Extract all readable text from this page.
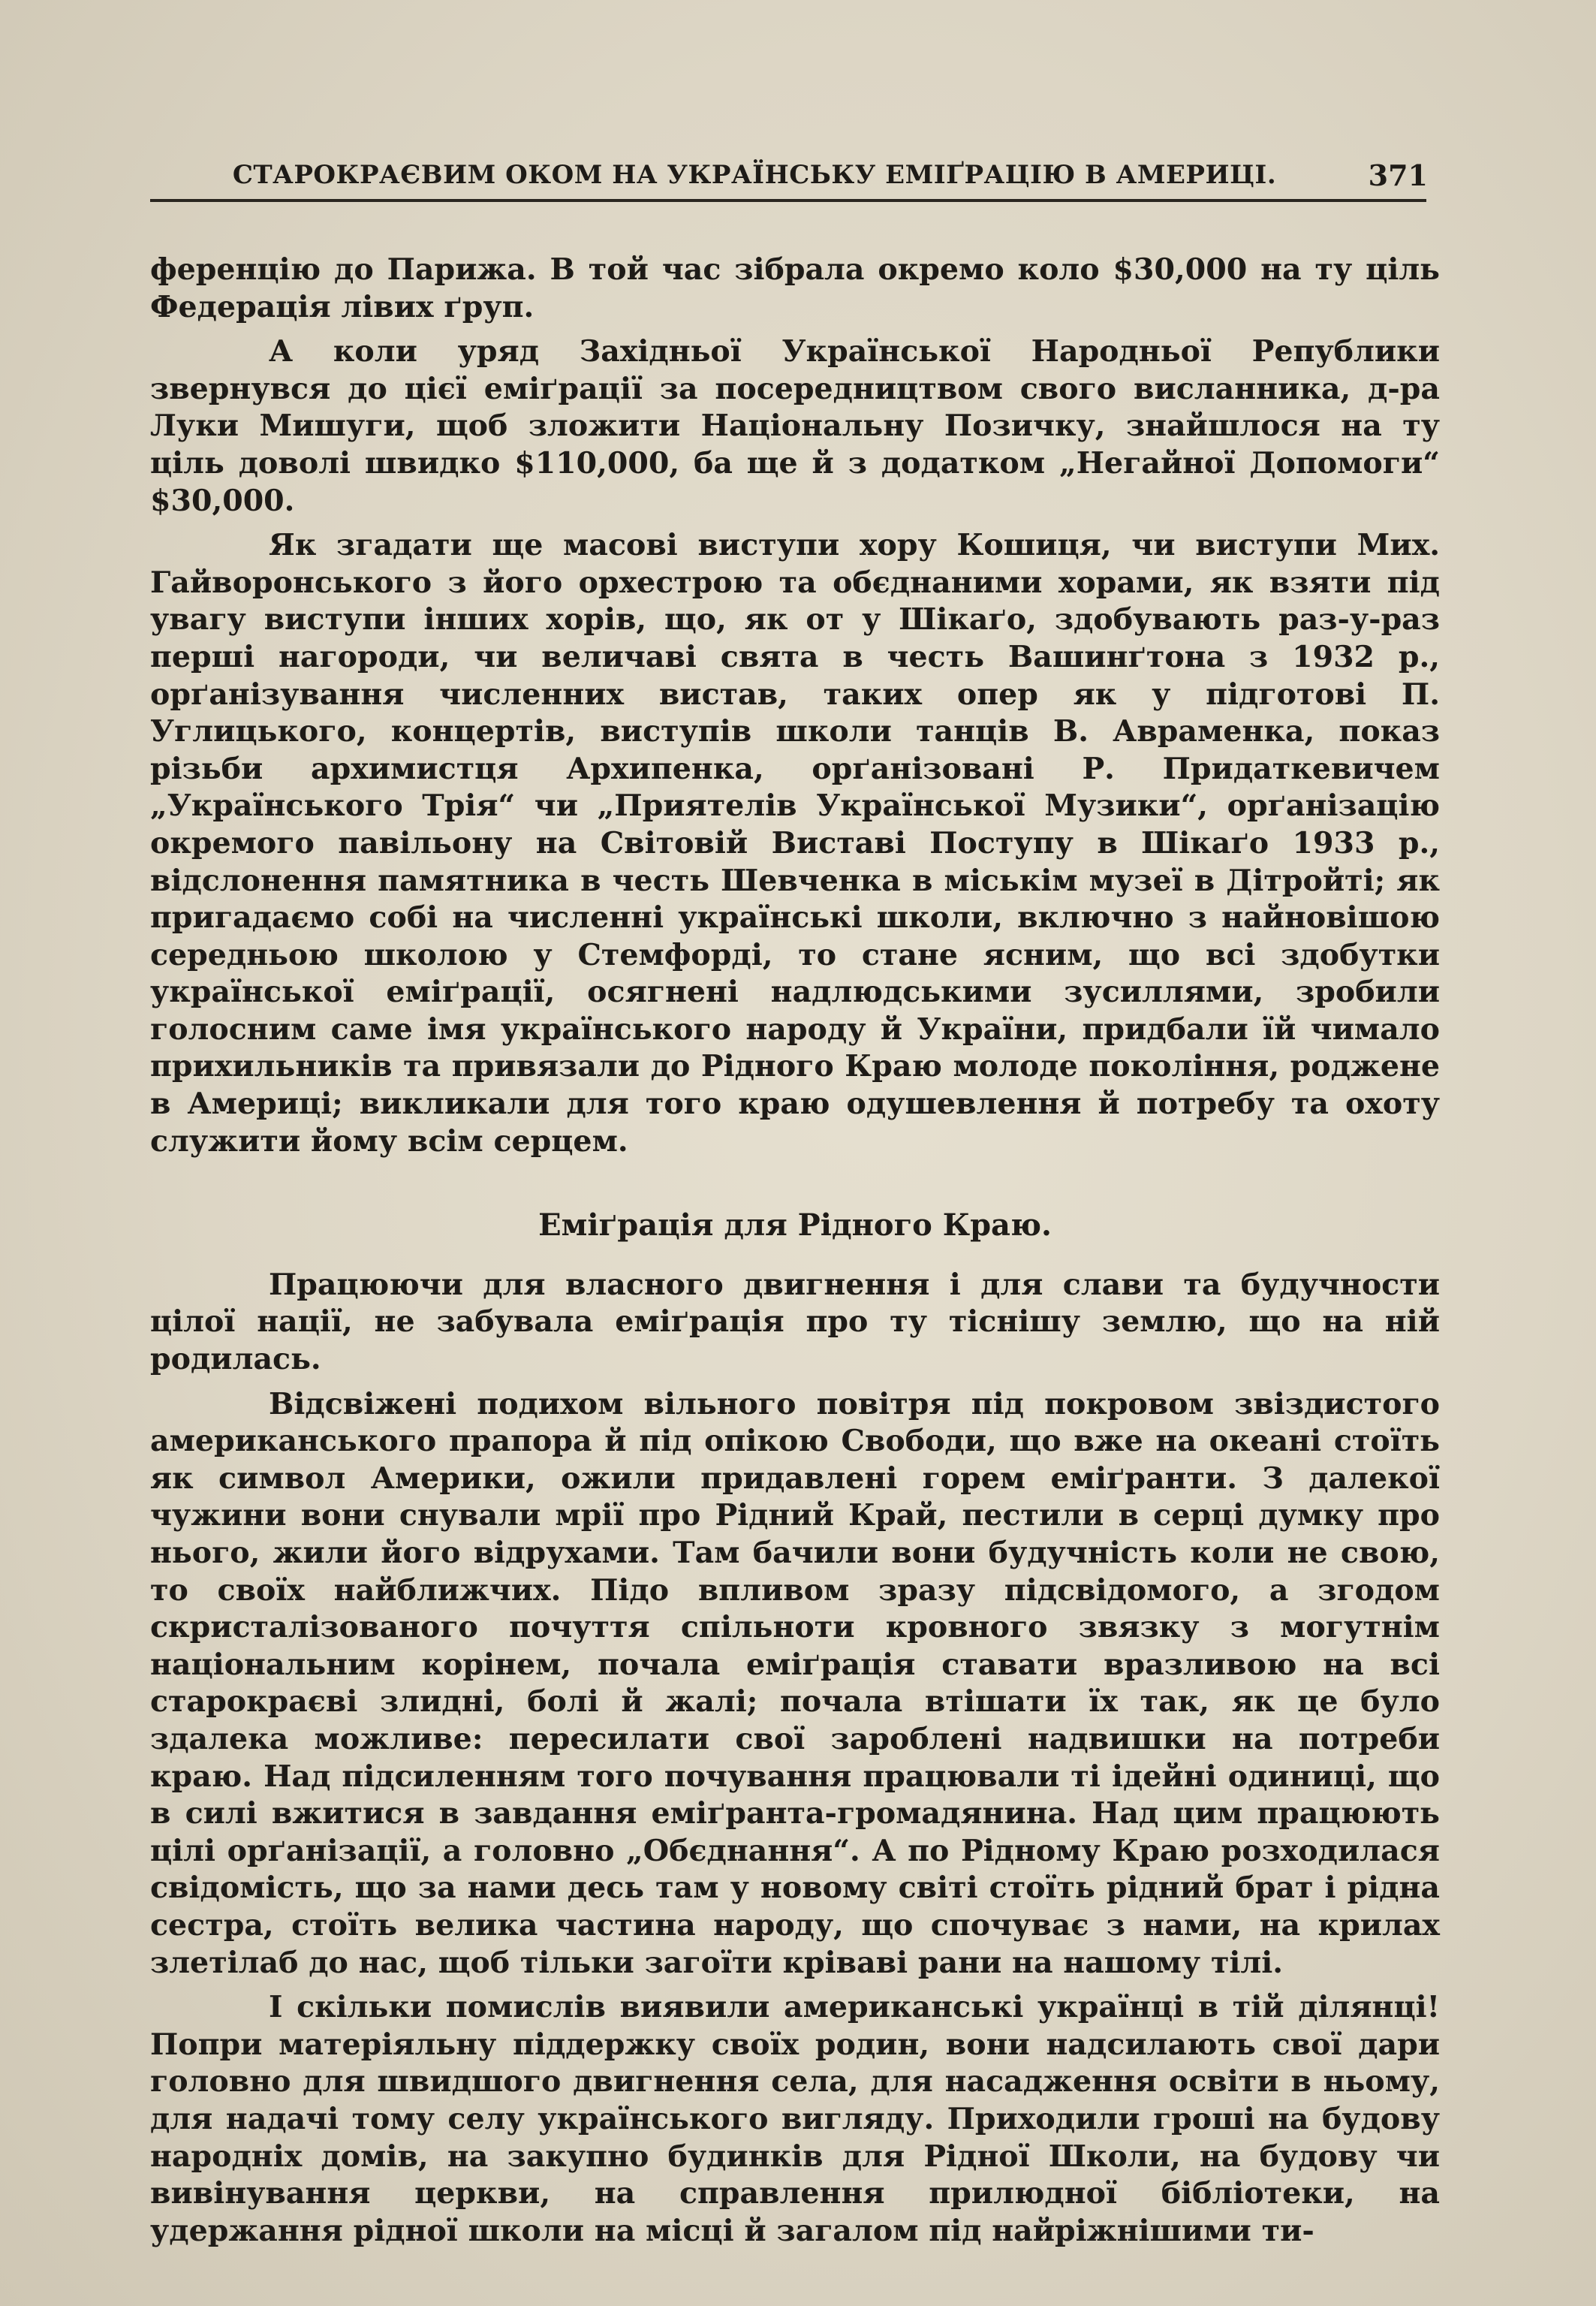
СТАРОКРАЄВИМ ОКОМ НА УКРАЇНСЬКУ ЕМІҐРАЦІЮ В АМЕРИЦІ.	371

ференцію до Парижа. В той час зібрала окремо коло $30,000 на ту ціль Федерація лівих ґруп.

А коли уряд Західньої Української Народньої Републики звернувся до цієї еміґрації за посередництвом свого висланника, д-ра Луки Мишуги, щоб зложити Національну Позичку, знайшлося на ту ціль доволі швидко $110,000, ба ще й з додатком „Негайної Допомоги“ $30,000.

Як згадати ще масові виступи хору Кошиця, чи виступи Мих. Гайворонського з його орхестрою та обєднаними хорами, як взяти під увагу виступи інших хорів, що, як от у Шікаґо, здобувають раз-у-раз перші нагороди, чи величаві свята в честь Вашинґтона з 1932 р., орґанізування численних вистав, таких опер як у підготові П. Углицького, концертів, виступів школи танців В. Авраменка, показ різьби архимистця Архипенка, орґанізовані Р. Придаткевичем „Українського Трія“ чи „Приятелів Української Музики“, орґанізацію окремого павільону на Світовій Виставі Поступу в Шікаґо 1933 р., відслонення памятника в честь Шевченка в міськім музеї в Дітройті; як пригадаємо собі на численні українські школи, включно з найновішою середньою школою у Стемфорді, то стане ясним, що всі здобутки української еміґрації, осягнені надлюдськими зусиллями, зробили голосним саме імя українського народу й України, придбали їй чимало прихильників та привязали до Рідного Краю молоде покоління, роджене в Америці; викликали для того краю одушевлення й потребу та охоту служити йому всім серцем.

Еміґрація для Рідного Краю.

Працюючи для власного двигнення і для слави та будучности цілої нації, не забувала еміґрація про ту тіснішу землю, що на ній родилась.

Відсвіжені подихом вільного повітря під покровом звіздистого американського прапора й під опікою Свободи, що вже на океані стоїть як символ Америки, ожили придавлені горем еміґранти. З далекої чужини вони снували мрії про Рідний Край, пестили в серці думку про нього, жили його відрухами. Там бачили вони будучність коли не свою, то своїх найближчих. Підо впливом зразу підсвідомого, а згодом скристалізованого почуття спільноти кровного звязку з могутнім національним корінем, почала еміґрація ставати вразливою на всі старокраєві злидні, болі й жалі; почала втішати їх так, як це було здалека можливе: пересилати свої зароблені надвишки на потреби краю. Над підсиленням того почування працювали ті ідейні одиниці, що в силі вжитися в завдання еміґранта-громадянина. Над цим працюють цілі орґанізації, а головно „Обєднання“. А по Рідному Краю розходилася свідомість, що за нами десь там у новому світі стоїть рідний брат і рідна сестра, стоїть велика частина народу, що спочуває з нами, на крилах злетілаб до нас, щоб тільки загоїти кріваві рани на нашому тілі.

І скільки помислів виявили американські українці в тій ділянці! Попри матеріяльну піддержку своїх родин, вони надсилають свої дари головно для швидшого двигнення села, для насадження освіти в ньому, для надачі тому селу українського вигляду. Приходили гроші на будову народніх домів, на закупно будинків для Рідної Школи, на будову чи вивінування церкви, на справлення прилюдної бібліотеки, на удержання рідної школи на місці й загалом під найріжнішими ти-
